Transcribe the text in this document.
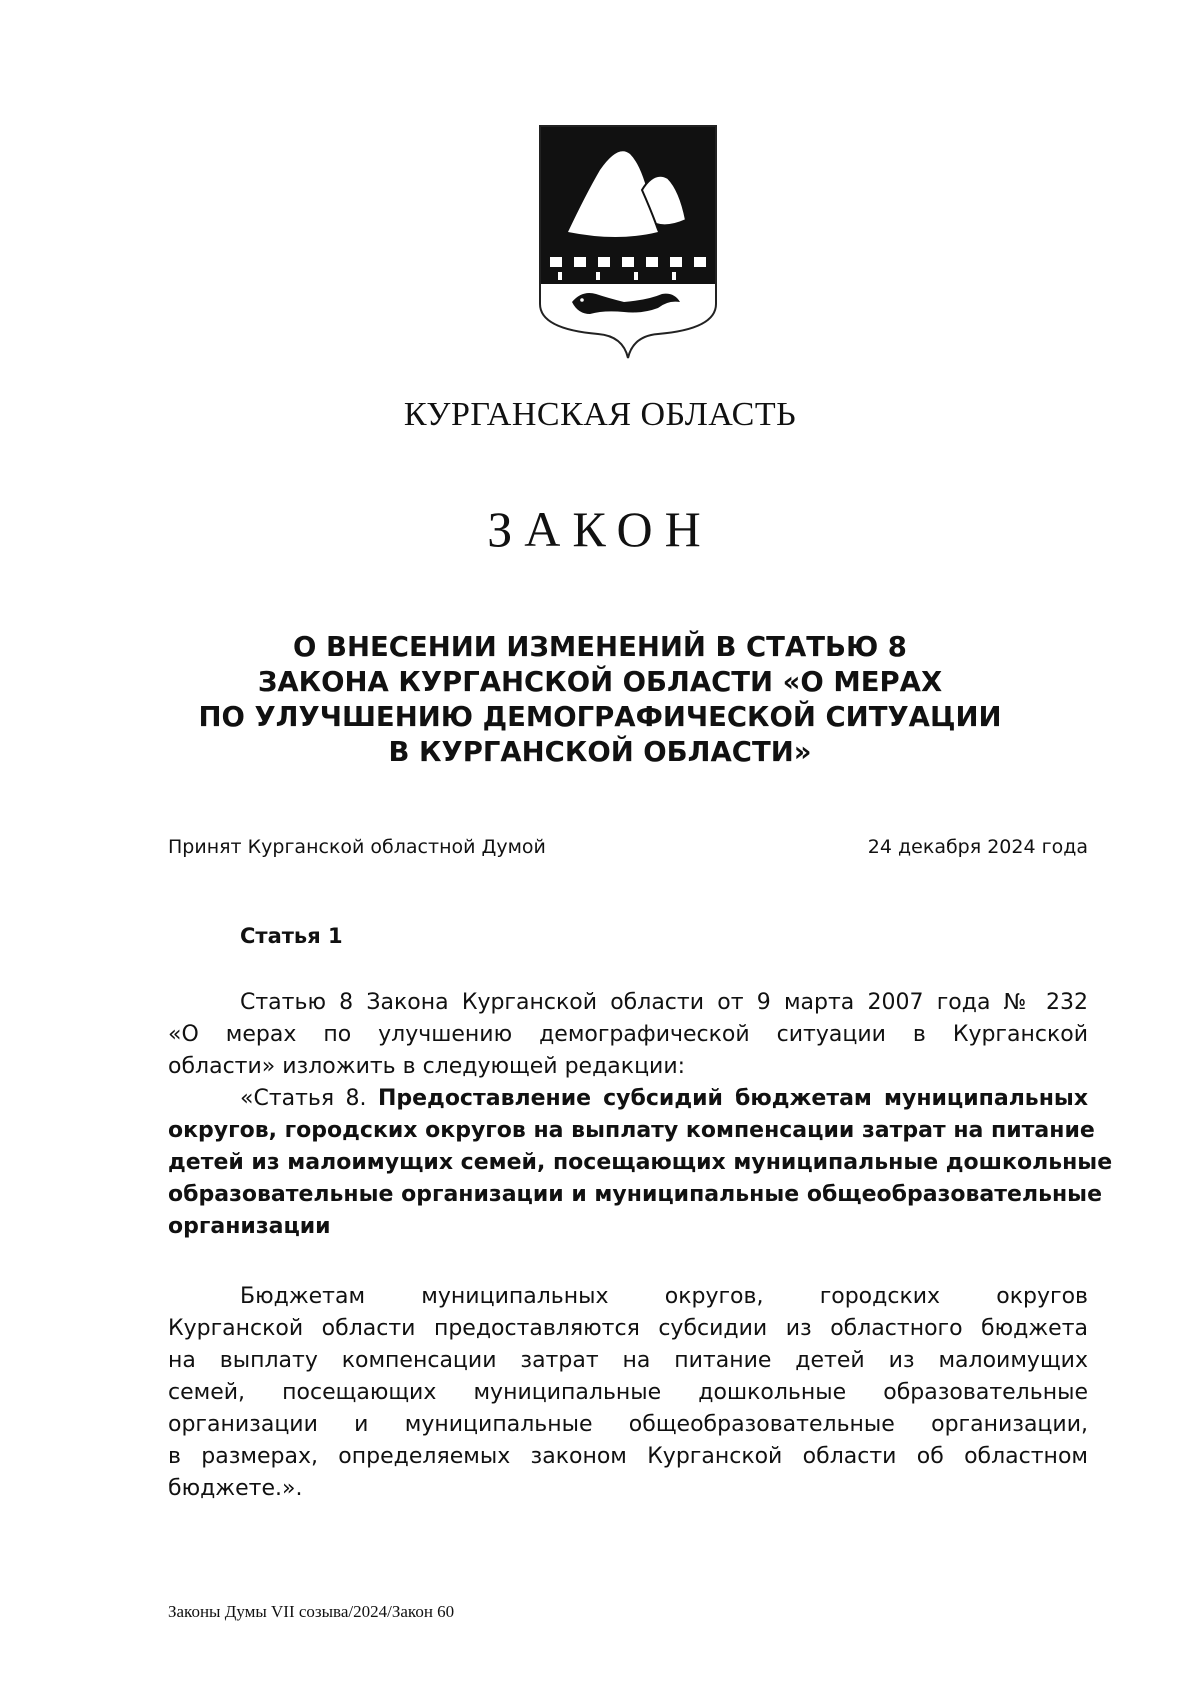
КУРГАНСКАЯ ОБЛАСТЬ
ЗАКОН
О ВНЕСЕНИИ ИЗМЕНЕНИЙ В СТАТЬЮ 8
ЗАКОНА КУРГАНСКОЙ ОБЛАСТИ «О МЕРАХ
ПО УЛУЧШЕНИЮ ДЕМОГРАФИЧЕСКОЙ СИТУАЦИИ
В КУРГАНСКОЙ ОБЛАСТИ»
Принят Курганской областной Думой	24 декабря 2024 года
Статья 1
Статью 8 Закона Курганской области от 9 марта 2007 года № 232
«О мерах по улучшению демографической ситуации в Курганской
области» изложить в следующей редакции:
«Статья 8. Предоставление субсидий бюджетам муниципальных
округов, городских округов на выплату компенсации затрат на питание
детей из малоимущих семей, посещающих муниципальные дошкольные
образовательные организации и муниципальные общеобразовательные
организации
Бюджетам муниципальных округов, городских округов
Курганской области предоставляются субсидии из областного бюджета
на выплату компенсации затрат на питание детей из малоимущих
семей, посещающих муниципальные дошкольные образовательные
организации и муниципальные общеобразовательные организации,
в размерах, определяемых законом Курганской области об областном
бюджете.».
Законы Думы VII созыва/2024/Закон 60
